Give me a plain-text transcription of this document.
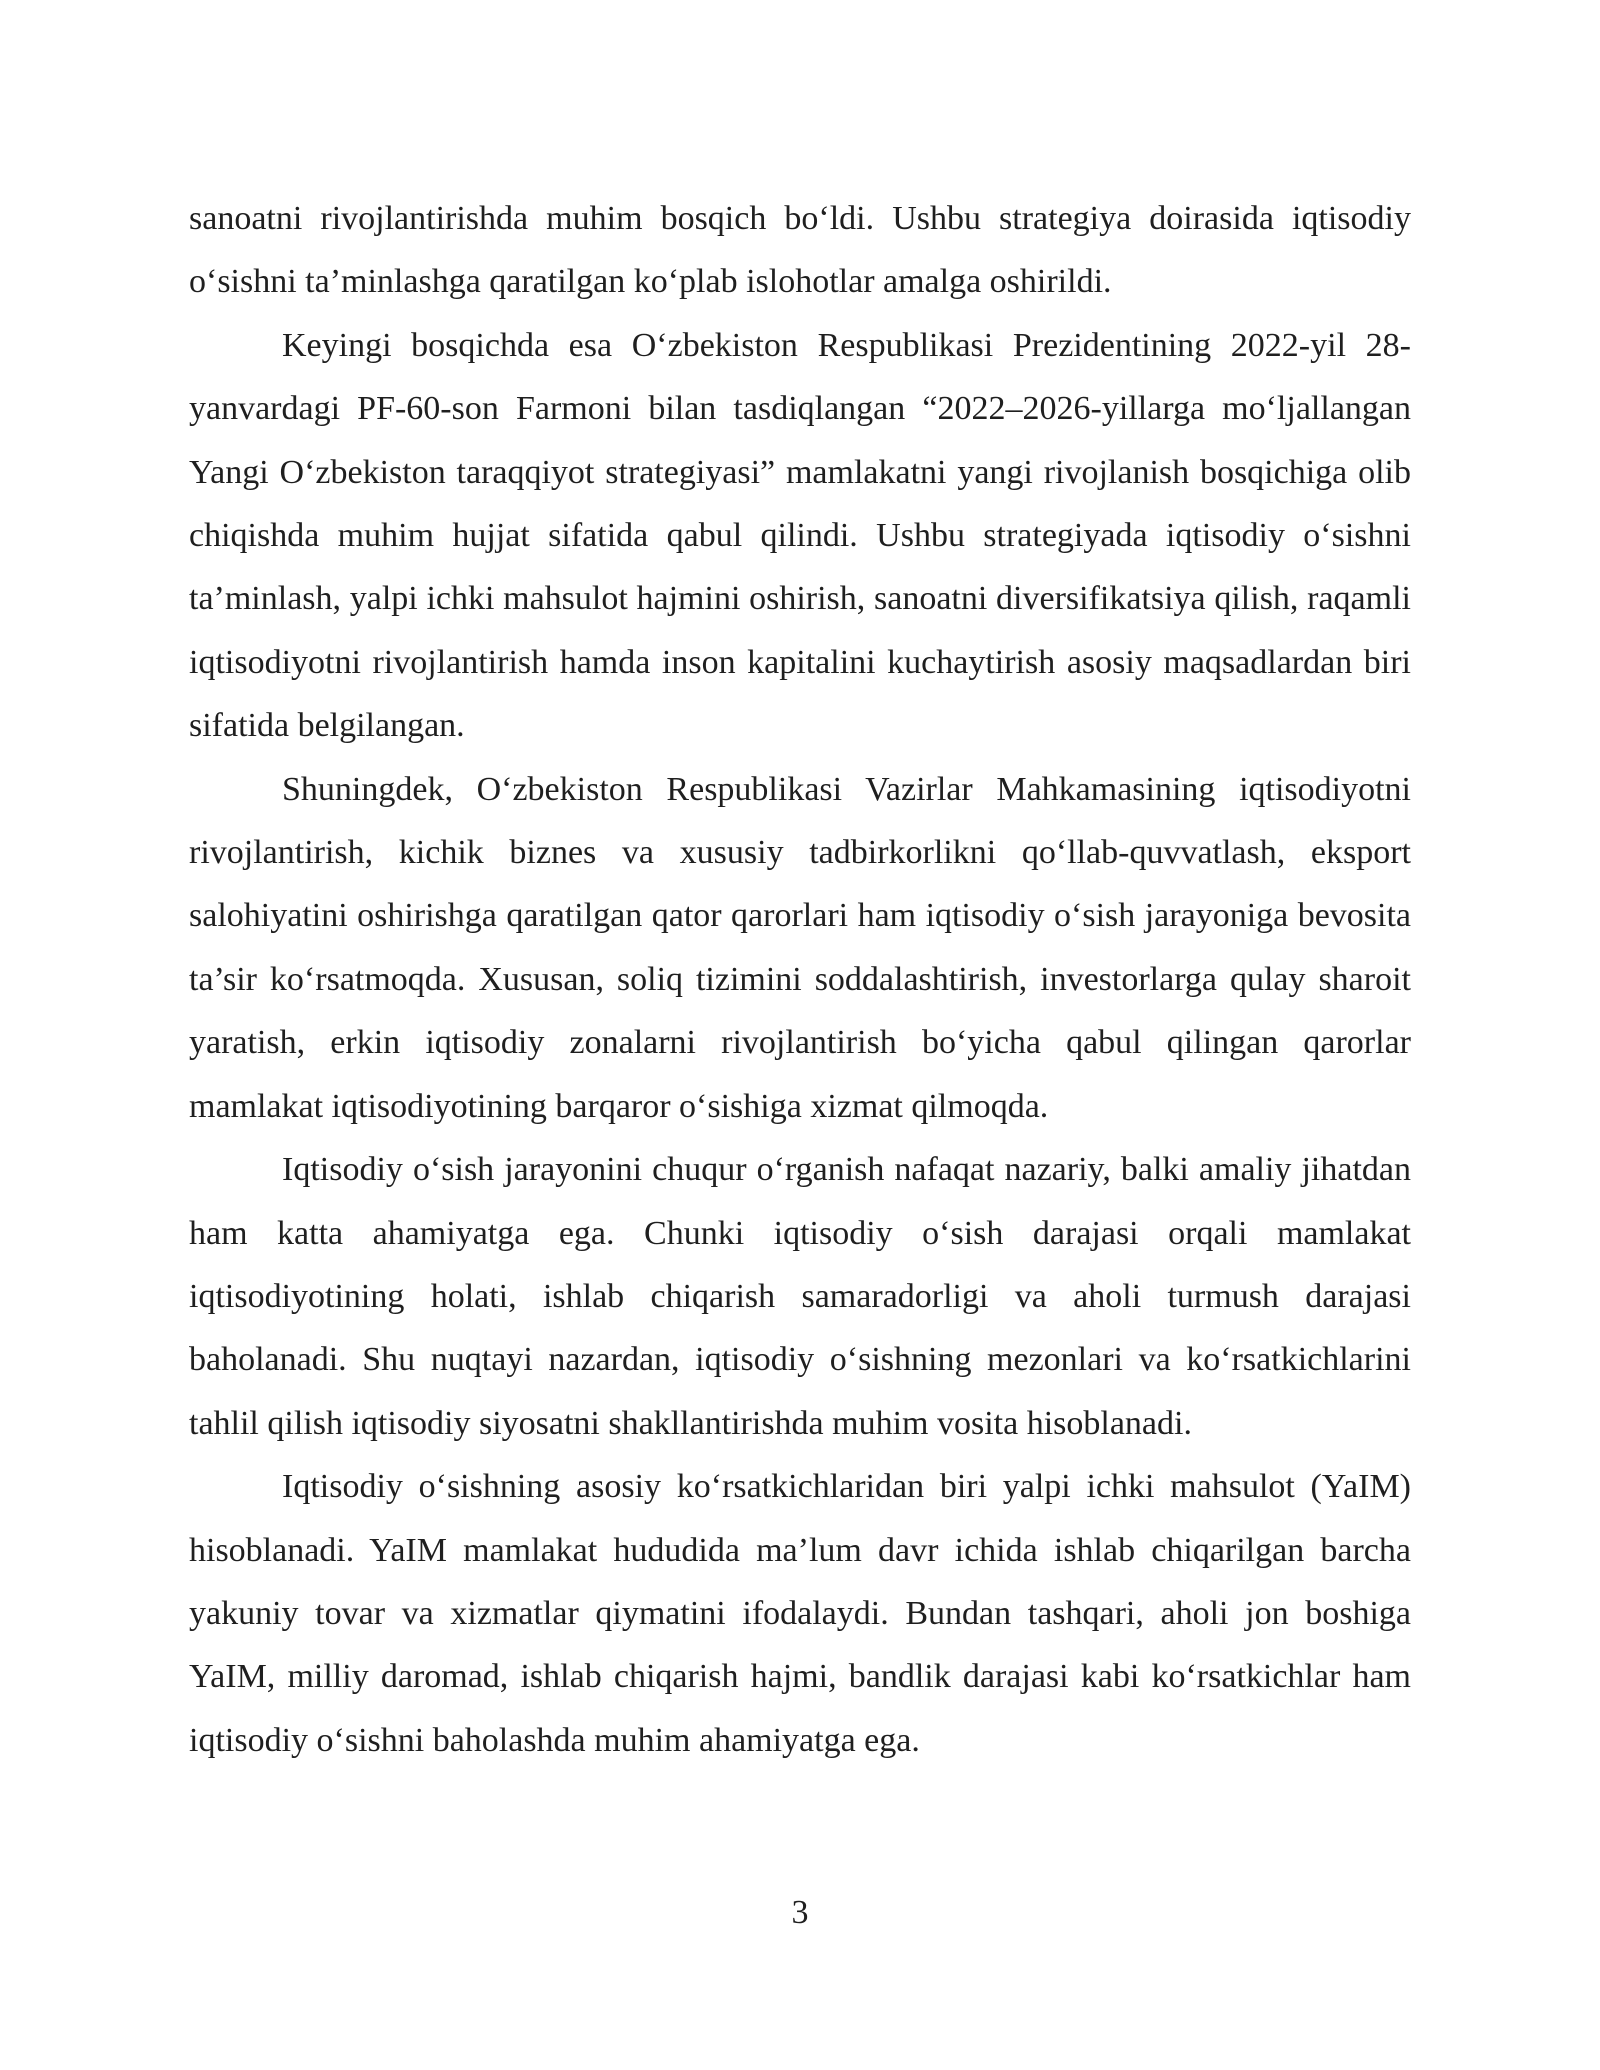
sanoatni rivojlantirishda muhim bosqich bo‘ldi. Ushbu strategiya doirasida iqtisodiy o‘sishni ta’minlashga qaratilgan ko‘plab islohotlar amalga oshirildi.

Keyingi bosqichda esa O‘zbekiston Respublikasi Prezidentining 2022-yil 28-yanvardagi PF-60-son Farmoni bilan tasdiqlangan “2022–2026-yillarga mo‘ljallangan Yangi O‘zbekiston taraqqiyot strategiyasi” mamlakatni yangi rivojlanish bosqichiga olib chiqishda muhim hujjat sifatida qabul qilindi. Ushbu strategiyada iqtisodiy o‘sishni ta’minlash, yalpi ichki mahsulot hajmini oshirish, sanoatni diversifikatsiya qilish, raqamli iqtisodiyotni rivojlantirish hamda inson kapitalini kuchaytirish asosiy maqsadlardan biri sifatida belgilangan.

Shuningdek, O‘zbekiston Respublikasi Vazirlar Mahkamasining iqtisodiyotni rivojlantirish, kichik biznes va xususiy tadbirkorlikni qo‘llab-quvvatlash, eksport salohiyatini oshirishga qaratilgan qator qarorlari ham iqtisodiy o‘sish jarayoniga bevosita ta’sir ko‘rsatmoqda. Xususan, soliq tizimini soddalashtirish, investorlarga qulay sharoit yaratish, erkin iqtisodiy zonalarni rivojlantirish bo‘yicha qabul qilingan qarorlar mamlakat iqtisodiyotining barqaror o‘sishiga xizmat qilmoqda.

Iqtisodiy o‘sish jarayonini chuqur o‘rganish nafaqat nazariy, balki amaliy jihatdan ham katta ahamiyatga ega. Chunki iqtisodiy o‘sish darajasi orqali mamlakat iqtisodiyotining holati, ishlab chiqarish samaradorligi va aholi turmush darajasi baholanadi. Shu nuqtayi nazardan, iqtisodiy o‘sishning mezonlari va ko‘rsatkichlarini tahlil qilish iqtisodiy siyosatni shakllantirishda muhim vosita hisoblanadi.

Iqtisodiy o‘sishning asosiy ko‘rsatkichlaridan biri yalpi ichki mahsulot (YaIM) hisoblanadi. YaIM mamlakat hududida ma’lum davr ichida ishlab chiqarilgan barcha yakuniy tovar va xizmatlar qiymatini ifodalaydi. Bundan tashqari, aholi jon boshiga YaIM, milliy daromad, ishlab chiqarish hajmi, bandlik darajasi kabi ko‘rsatkichlar ham iqtisodiy o‘sishni baholashda muhim ahamiyatga ega.

3
